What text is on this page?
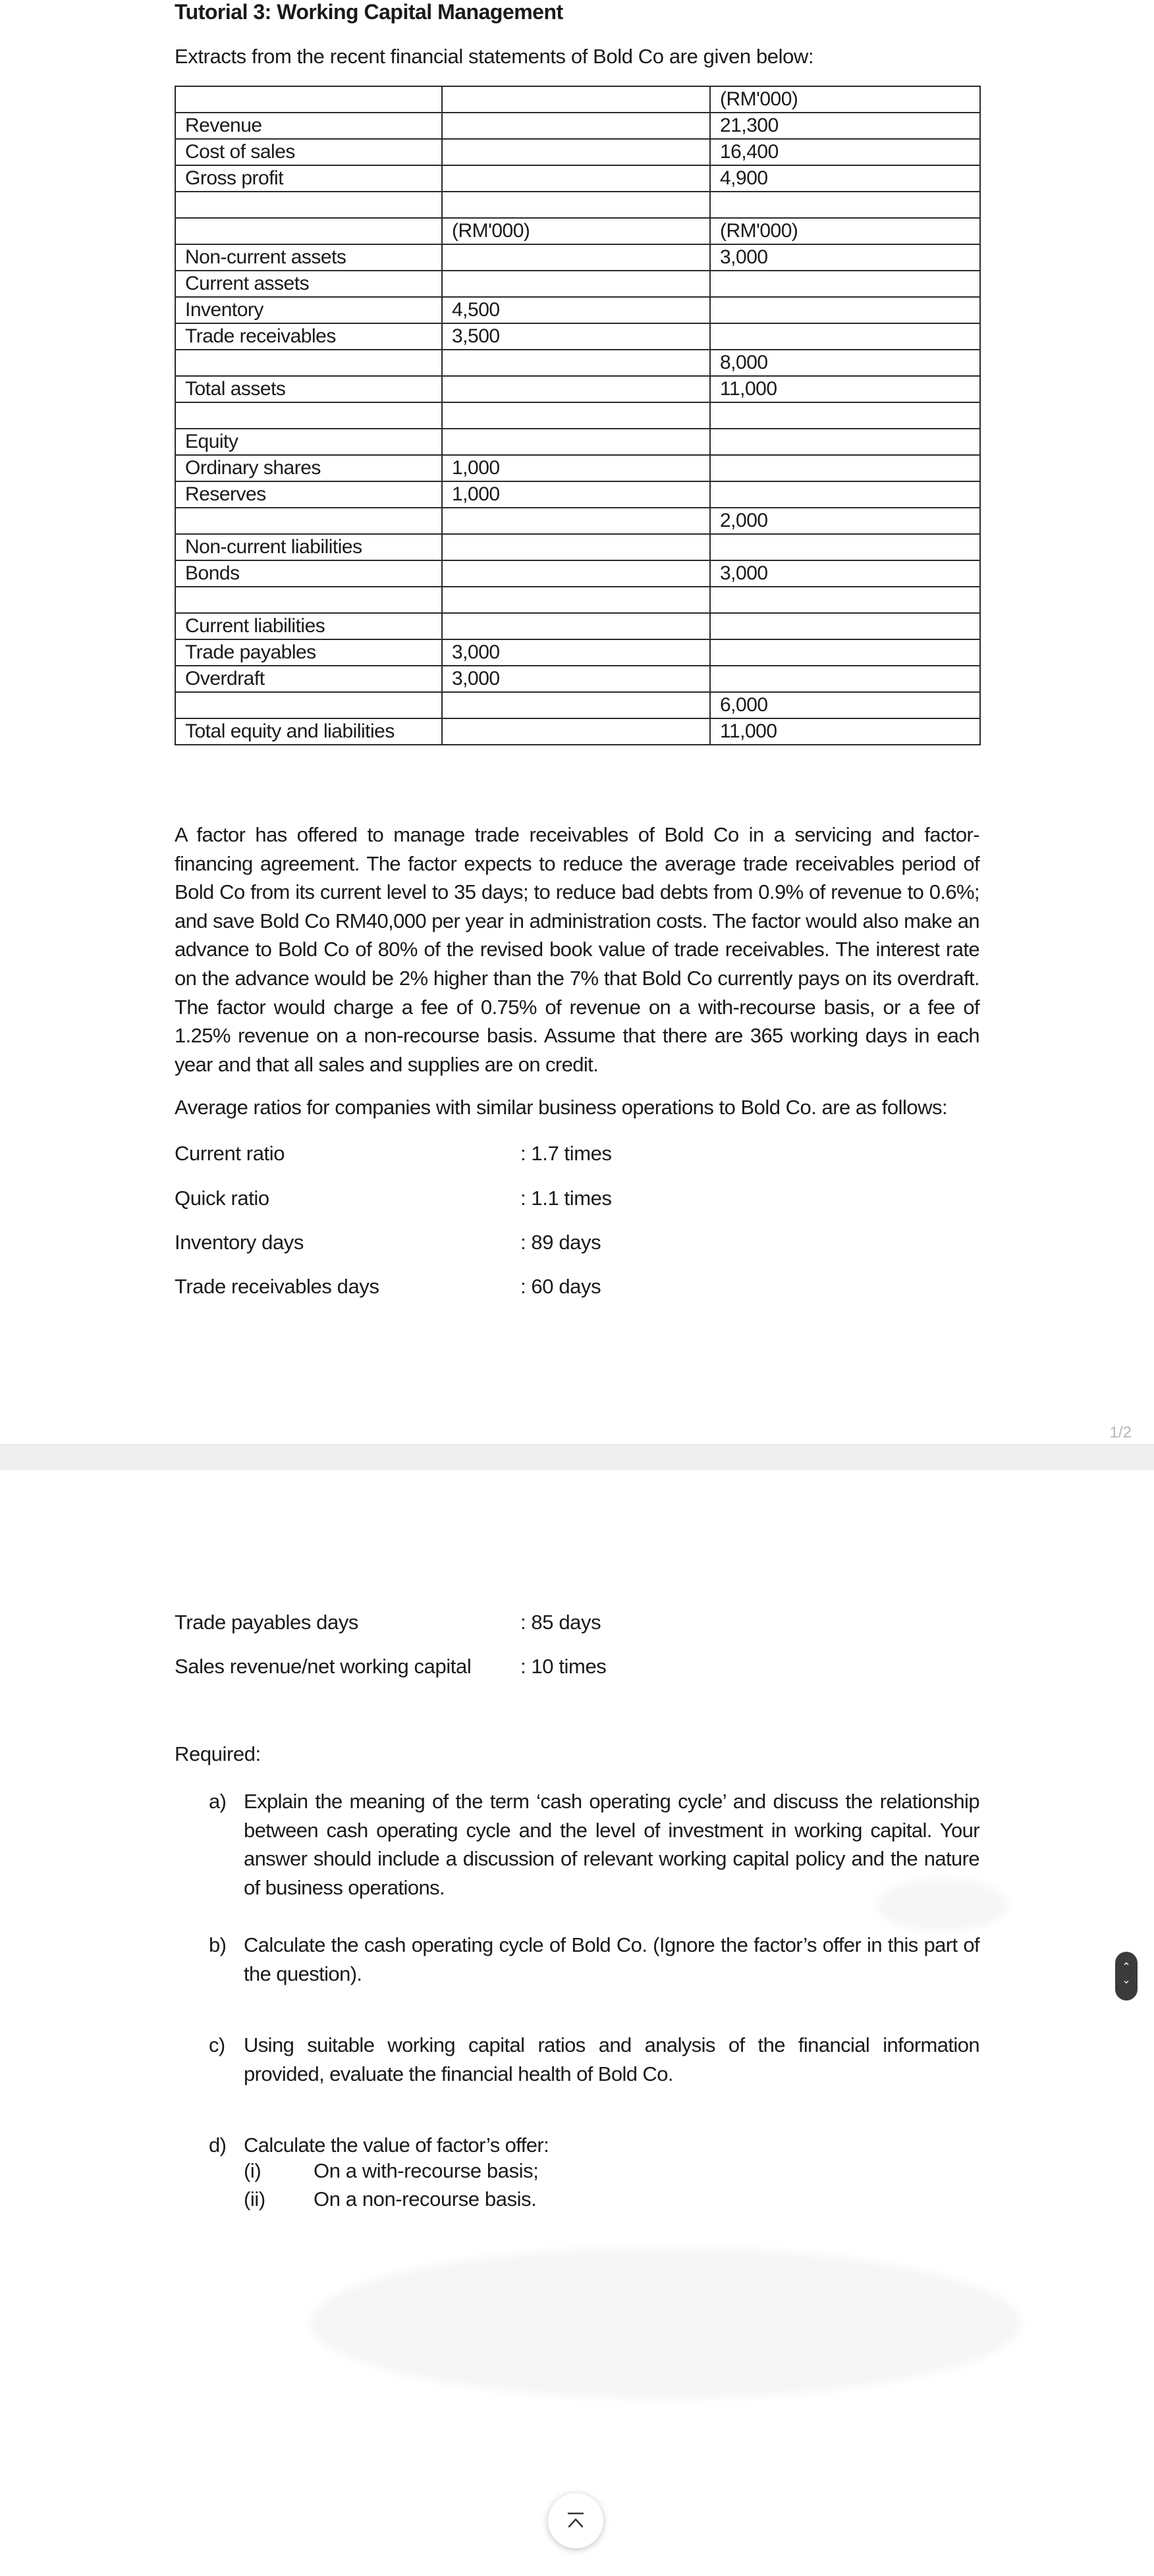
Tutorial 3: Working Capital Management
Extracts from the recent financial statements of Bold Co are given below:
		(RM'000)
Revenue		21,300
Cost of sales		16,400
Gross profit		4,900

	(RM'000)	(RM'000)
Non-current assets		3,000
Current assets		
Inventory	4,500	
Trade receivables	3,500	
		8,000
Total assets		11,000

Equity		
Ordinary shares	1,000	
Reserves	1,000	
		2,000
Non-current liabilities		
Bonds		3,000

Current liabilities		
Trade payables	3,000	
Overdraft	3,000	
		6,000
Total equity and liabilities		11,000
A factor has offered to manage trade receivables of Bold Co in a servicing and factor-financing agreement. The factor expects to reduce the average trade receivables period of Bold Co from its current level to 35 days; to reduce bad debts from 0.9% of revenue to 0.6%; and save Bold Co RM40,000 per year in administration costs. The factor would also make an advance to Bold Co of 80% of the revised book value of trade receivables. The interest rate on the advance would be 2% higher than the 7% that Bold Co currently pays on its overdraft. The factor would charge a fee of 0.75% of revenue on a with-recourse basis, or a fee of 1.25% revenue on a non-recourse basis. Assume that there are 365 working days in each year and that all sales and supplies are on credit.
Average ratios for companies with similar business operations to Bold Co. are as follows:
Current ratio	: 1.7 times
Quick ratio	: 1.1 times
Inventory days	: 89 days
Trade receivables days	: 60 days
1/2
Trade payables days	: 85 days
Sales revenue/net working capital : 10 times
Required:
a) Explain the meaning of the term ‘cash operating cycle’ and discuss the relationship between cash operating cycle and the level of investment in working capital. Your answer should include a discussion of relevant working capital policy and the nature of business operations.
b) Calculate the cash operating cycle of Bold Co. (Ignore the factor’s offer in this part of the question).
c) Using suitable working capital ratios and analysis of the financial information provided, evaluate the financial health of Bold Co.
d) Calculate the value of factor’s offer:
(i)	On a with-recourse basis;
(ii) On a non-recourse basis.
⌃
⌄
